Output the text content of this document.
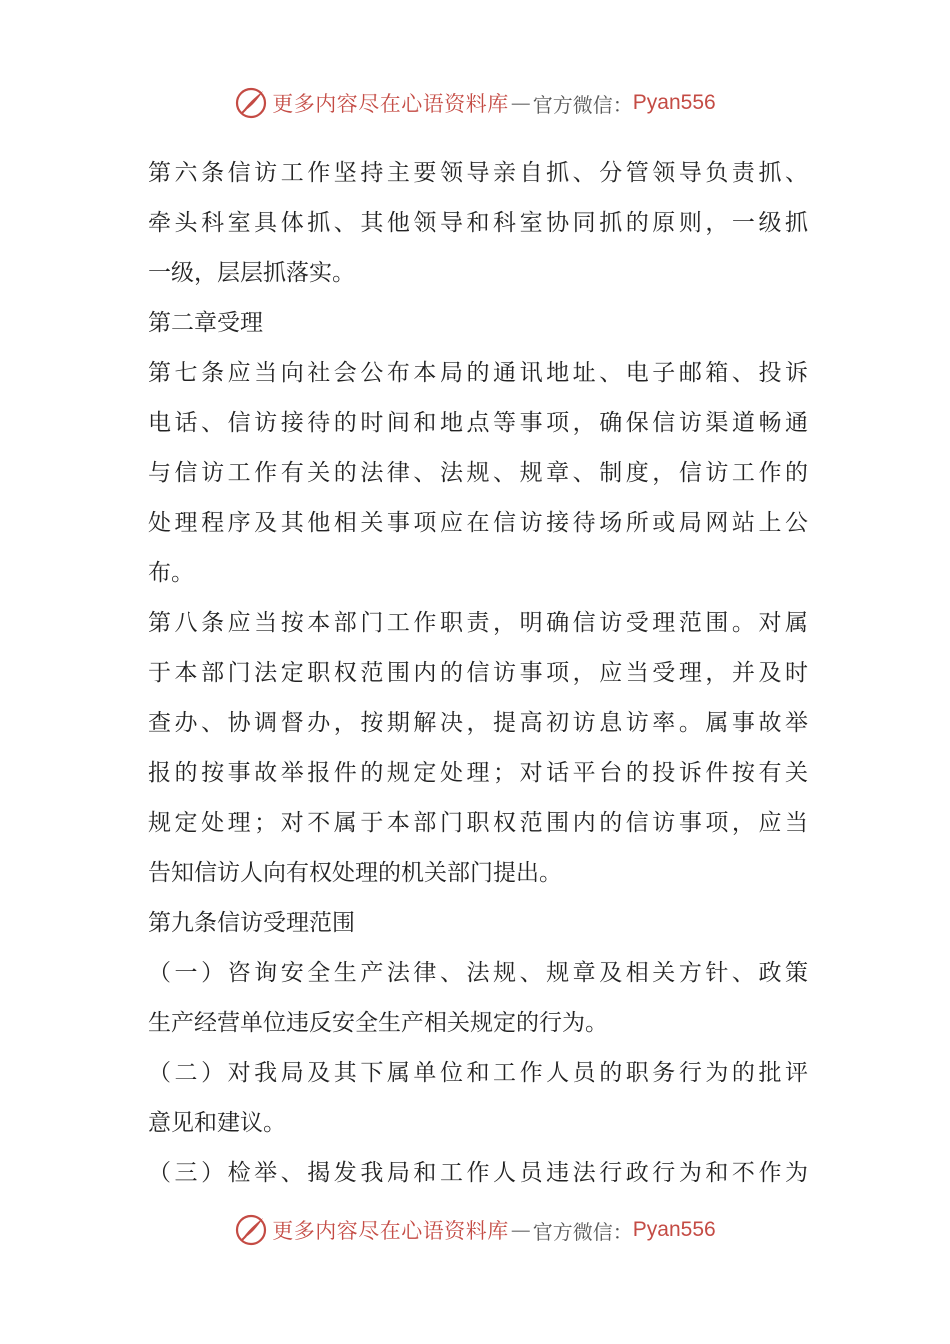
更多内容尽在心语资料库 — 官方微信： Pyan556
第六条信访工作坚持主要领导亲自抓、分管领导负责抓、
牵头科室具体抓、其他领导和科室协同抓的原则，一级抓
一级，层层抓落实。
第二章受理
第七条应当向社会公布本局的通讯地址、电子邮箱、投诉
电话、信访接待的时间和地点等事项，确保信访渠道畅通
与信访工作有关的法律、法规、规章、制度，信访工作的
处理程序及其他相关事项应在信访接待场所或局网站上公
布。
第八条应当按本部门工作职责，明确信访受理范围。对属
于本部门法定职权范围内的信访事项，应当受理，并及时
查办、协调督办，按期解决，提高初访息访率。属事故举
报的按事故举报件的规定处理；对话平台的投诉件按有关
规定处理；对不属于本部门职权范围内的信访事项，应当
告知信访人向有权处理的机关部门提出。
第九条信访受理范围
（一）咨询安全生产法律、法规、规章及相关方针、政策
生产经营单位违反安全生产相关规定的行为。
（二）对我局及其下属单位和工作人员的职务行为的批评
意见和建议。
（三）检举、揭发我局和工作人员违法行政行为和不作为
更多内容尽在心语资料库 — 官方微信： Pyan556
